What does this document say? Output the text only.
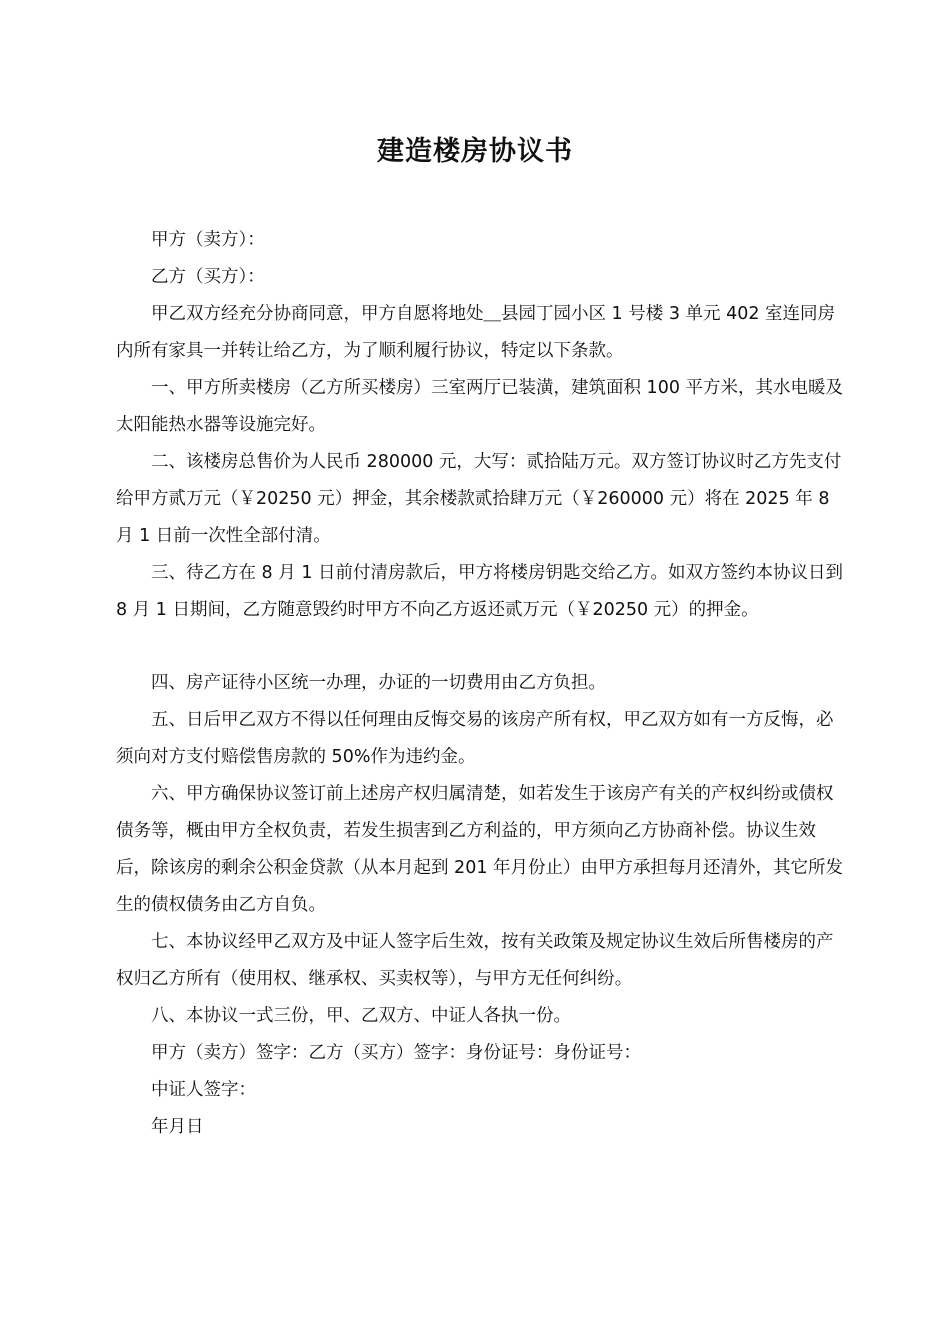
建造楼房协议书

甲方（卖方）：

乙方（买方）：

甲乙双方经充分协商同意，甲方自愿将地处＿县园丁园小区 1 号楼 3 单元 402 室连同房内所有家具一并转让给乙方，为了顺利履行协议，特定以下条款。

一、甲方所卖楼房（乙方所买楼房）三室两厅已装潢，建筑面积 100 平方米，其水电暖及太阳能热水器等设施完好。

二、该楼房总售价为人民币 280000 元，大写：贰拾陆万元。双方签订协议时乙方先支付给甲方贰万元（￥20250 元）押金，其余楼款贰拾肆万元（￥260000 元）将在 2025 年 8 月 1 日前一次性全部付清。

三、待乙方在 8 月 1 日前付清房款后，甲方将楼房钥匙交给乙方。如双方签约本协议日到 8 月 1 日期间，乙方随意毁约时甲方不向乙方返还贰万元（￥20250 元）的押金。

四、房产证待小区统一办理，办证的一切费用由乙方负担。

五、日后甲乙双方不得以任何理由反悔交易的该房产所有权，甲乙双方如有一方反悔，必须向对方支付赔偿售房款的 50%作为违约金。

六、甲方确保协议签订前上述房产权归属清楚，如若发生于该房产有关的产权纠纷或债权债务等，概由甲方全权负责，若发生损害到乙方利益的，甲方须向乙方协商补偿。协议生效后，除该房的剩余公积金贷款（从本月起到 201 年月份止）由甲方承担每月还清外，其它所发生的债权债务由乙方自负。

七、本协议经甲乙双方及中证人签字后生效，按有关政策及规定协议生效后所售楼房的产权归乙方所有（使用权、继承权、买卖权等），与甲方无任何纠纷。

八、本协议一式三份，甲、乙双方、中证人各执一份。

甲方（卖方）签字：乙方（买方）签字：身份证号：身份证号：

中证人签字：

年月日
